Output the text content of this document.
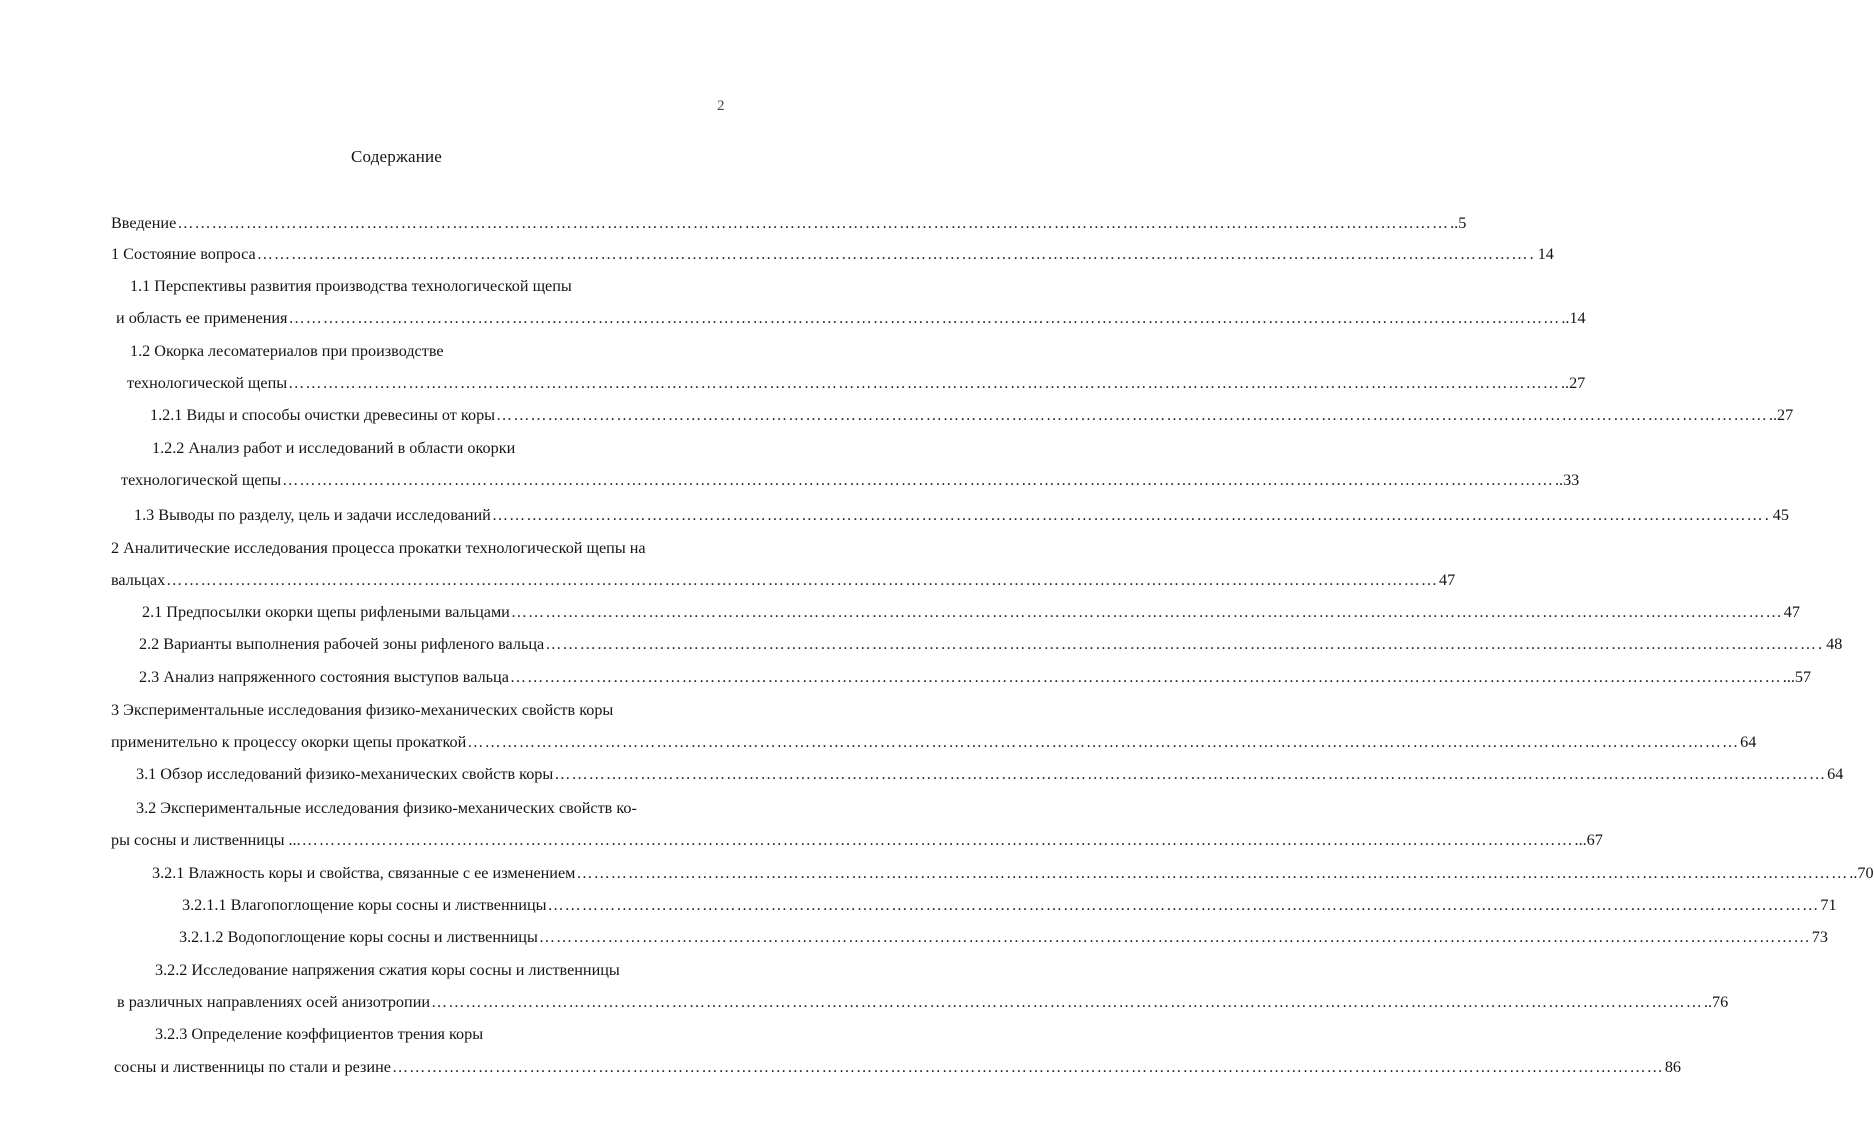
2
Содержание
Введение …………………………………………………………………………………………………………………………………………………………………………………………………… ..5
1 Состояние вопроса …………………………………………………………………………………………………………………………………………………………………………………………………… . 14
1.1 Перспективы развития производства технологической щепы
и область ее применения …………………………………………………………………………………………………………………………………………………………………………………………………… ..14
1.2 Окорка лесоматериалов при производстве
технологической щепы …………………………………………………………………………………………………………………………………………………………………………………………………… ..27
1.2.1 Виды и способы очистки древесины от коры …………………………………………………………………………………………………………………………………………………………………………………………………… ..27
1.2.2 Анализ работ и исследований в области окорки
технологической щепы …………………………………………………………………………………………………………………………………………………………………………………………………… ..33
1.3 Выводы по разделу, цель и задачи исследований …………………………………………………………………………………………………………………………………………………………………………………………………… . 45
2 Аналитические исследования процесса прокатки технологической щепы на
вальцах …………………………………………………………………………………………………………………………………………………………………………………………………… 47
2.1 Предпосылки окорки щепы рифлеными вальцами …………………………………………………………………………………………………………………………………………………………………………………………………… 47
2.2 Варианты выполнения рабочей зоны рифленого вальца …………………………………………………………………………………………………………………………………………………………………………………………………… . 48
2.3 Анализ напряженного состояния выступов вальца …………………………………………………………………………………………………………………………………………………………………………………………………… ...57
3 Экспериментальные исследования физико-механических свойств коры
применительно к процессу окорки щепы прокаткой …………………………………………………………………………………………………………………………………………………………………………………………………… 64
3.1 Обзор исследований физико-механических свойств коры …………………………………………………………………………………………………………………………………………………………………………………………………… 64
3.2 Экспериментальные исследования физико-механических свойств ко-
ры сосны и лиственницы ... …………………………………………………………………………………………………………………………………………………………………………………………………… ...67
3.2.1 Влажность коры и свойства, связанные с ее изменением …………………………………………………………………………………………………………………………………………………………………………………………………… ..70
3.2.1.1 Влагопоглощение коры сосны и лиственницы …………………………………………………………………………………………………………………………………………………………………………………………………… 71
3.2.1.2 Водопоглощение коры сосны и лиственницы …………………………………………………………………………………………………………………………………………………………………………………………………… 73
3.2.2 Исследование напряжения сжатия коры сосны и лиственницы
в различных направлениях осей анизотропии …………………………………………………………………………………………………………………………………………………………………………………………………… ..76
3.2.3 Определение коэффициентов трения коры
сосны и лиственницы по стали и резине …………………………………………………………………………………………………………………………………………………………………………………………………… 86
